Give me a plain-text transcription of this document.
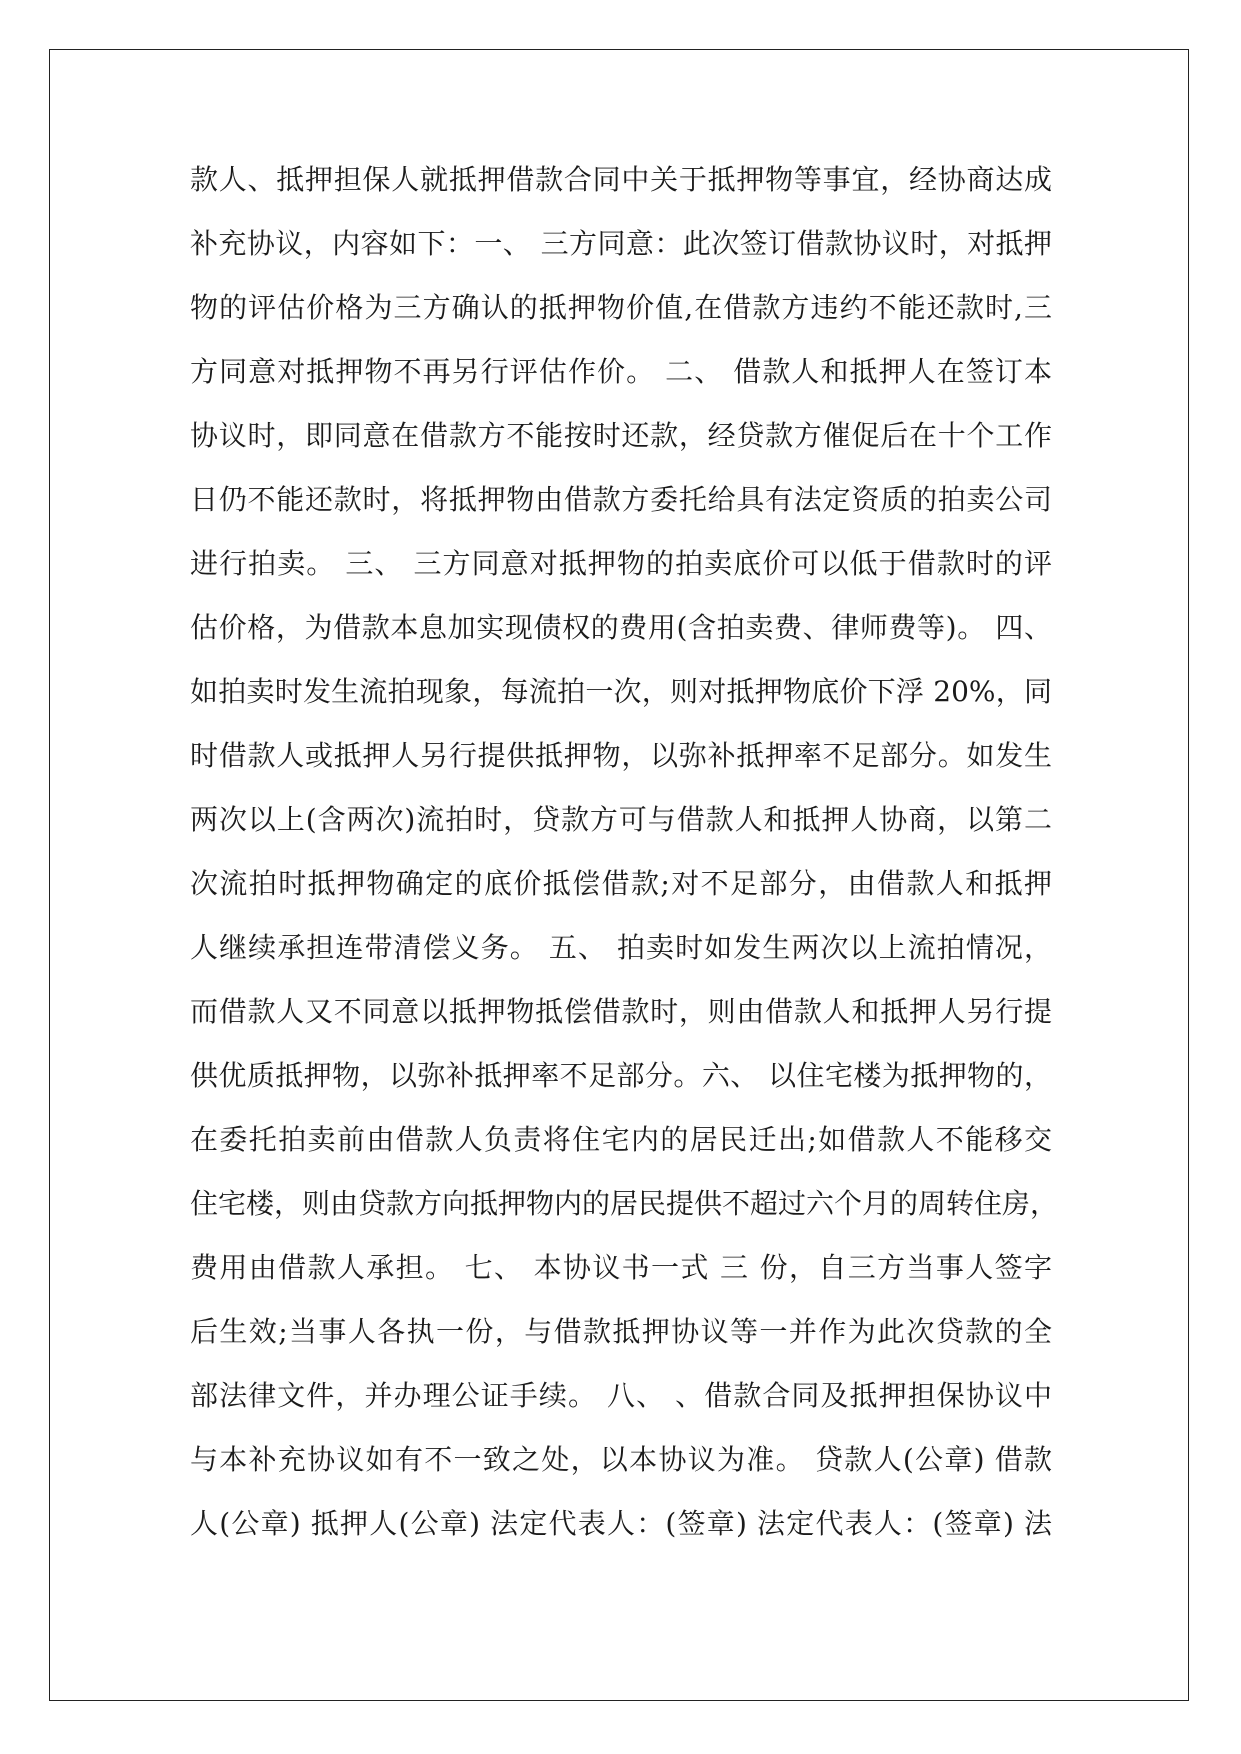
款人、抵押担保人就抵押借款合同中关于抵押物等事宜，经协商达成
补充协议，内容如下：一、 三方同意：此次签订借款协议时，对抵押
物的评估价格为三方确认的抵押物价值,在借款方违约不能还款时,三
方同意对抵押物不再另行评估作价。 二、 借款人和抵押人在签订本
协议时，即同意在借款方不能按时还款，经贷款方催促后在十个工作
日仍不能还款时，将抵押物由借款方委托给具有法定资质的拍卖公司
进行拍卖。 三、 三方同意对抵押物的拍卖底价可以低于借款时的评
估价格，为借款本息加实现债权的费用(含拍卖费、律师费等)。 四、
如拍卖时发生流拍现象，每流拍一次，则对抵押物底价下浮 20%，同
时借款人或抵押人另行提供抵押物，以弥补抵押率不足部分。如发生
两次以上(含两次)流拍时，贷款方可与借款人和抵押人协商，以第二
次流拍时抵押物确定的底价抵偿借款;对不足部分，由借款人和抵押
人继续承担连带清偿义务。 五、 拍卖时如发生两次以上流拍情况，
而借款人又不同意以抵押物抵偿借款时，则由借款人和抵押人另行提
供优质抵押物，以弥补抵押率不足部分。六、 以住宅楼为抵押物的，
在委托拍卖前由借款人负责将住宅内的居民迁出;如借款人不能移交
住宅楼，则由贷款方向抵押物内的居民提供不超过六个月的周转住房，
费用由借款人承担。 七、 本协议书一式 三 份，自三方当事人签字
后生效;当事人各执一份，与借款抵押协议等一并作为此次贷款的全
部法律文件，并办理公证手续。 八、 、借款合同及抵押担保协议中
与本补充协议如有不一致之处，以本协议为准。 贷款人(公章) 借款
人(公章) 抵押人(公章) 法定代表人：(签章) 法定代表人：(签章) 法
